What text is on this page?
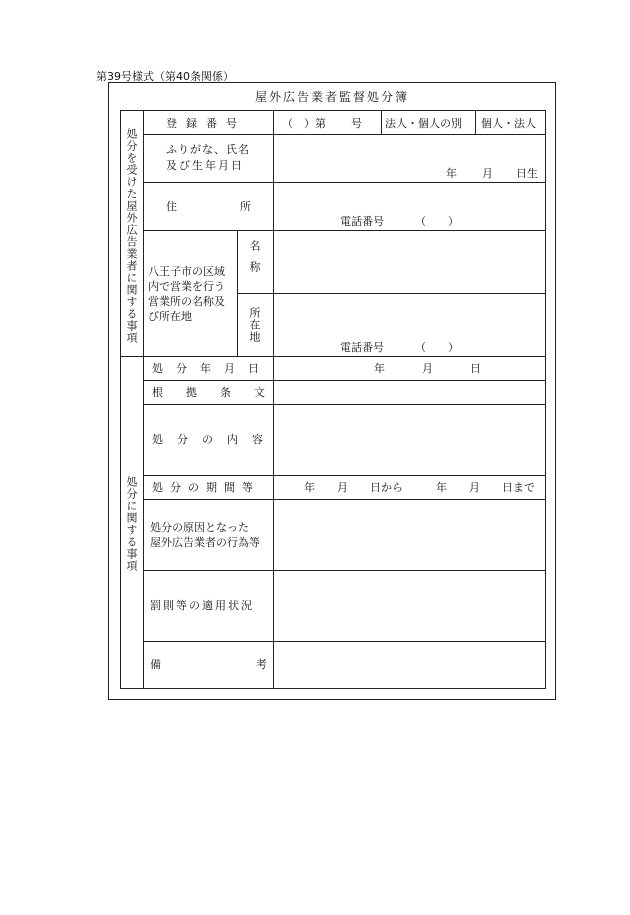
第39号様式（第40条関係）
屋外広告業者監督処分簿
処分を受けた屋外広告業者に関する事項
処分に関する事項
登録番号	（　）第 号 法人・個人の別 個人・法人
ふりがな、氏名
及び生年月日
年 月 日生
住	所
電話番号	（　　）
八王子市の区域
内で営業を行う
営業所の名称及
び所在地
名称
所在地
電話番号	（　　）
処分年月日	年	月	日
根拠条文
処分の内容
処分の期間等	年　　月　　日から　　　年　　月　　日まで
処分の原因となった
屋外広告業者の行為等
罰則等の適用状況
備	考
